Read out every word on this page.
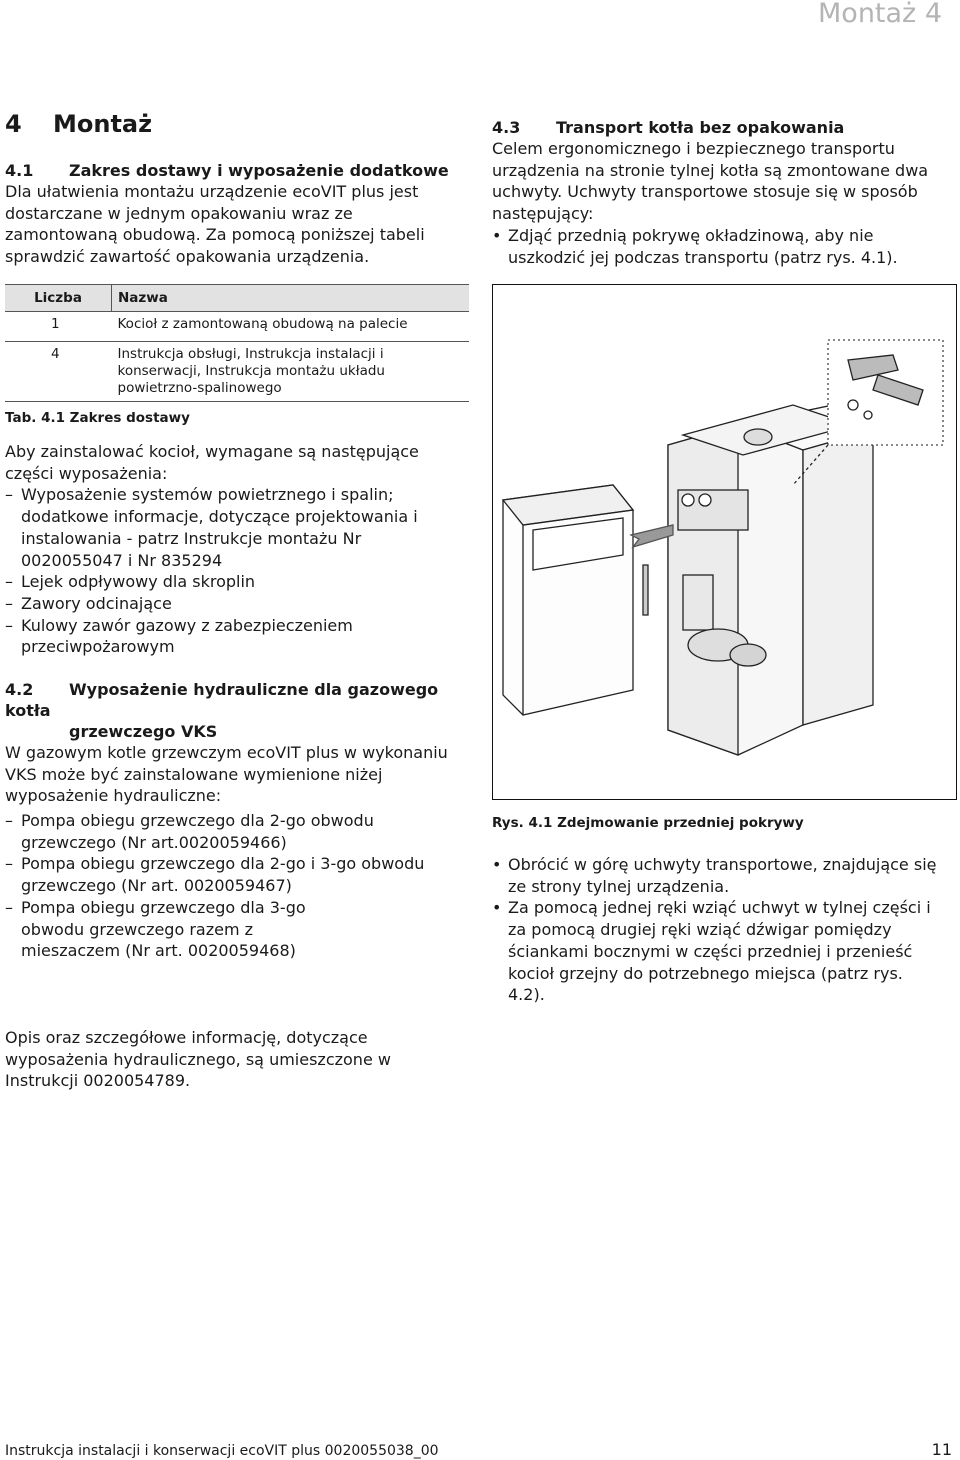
Montaż 4
4 Montaż
4.1 Zakres dostawy i wyposażenie dodatkowe
Dla ułatwienia montażu urządzenie ecoVIT plus jest
dostarczane w jednym opakowaniu wraz ze
zamontowaną obudową. Za pomocą poniższej tabeli
sprawdzić zawartość opakowania urządzenia.
Liczba	Nazwa
1	Kocioł z zamontowaną obudową na palecie
4	Instrukcja obsługi, Instrukcja instalacji i konserwacji, Instrukcja montażu układu powietrzno-spalinowego
Tab. 4.1 Zakres dostawy
Aby zainstalować kocioł, wymagane są następujące
części wyposażenia:
– Wyposażenie systemów powietrznego i spalin; dodatkowe informacje, dotyczące projektowania i instalowania - patrz Instrukcje montażu Nr 0020055047 i Nr 835294
– Lejek odpływowy dla skroplin
– Zawory odcinające
– Kulowy zawór gazowy z zabezpieczeniem przeciwpożarowym
4.2 Wyposażenie hydrauliczne dla gazowego kotła
grzewczego VKS
W gazowym kotle grzewczym ecoVIT plus w wykonaniu
VKS może być zainstalowane wymienione niżej
wyposażenie hydrauliczne:
– Pompa obiegu grzewczego dla 2-go obwodu grzewczego (Nr art.0020059466)
– Pompa obiegu grzewczego dla 2-go i 3-go obwodu grzewczego (Nr art. 0020059467)
– Pompa obiegu grzewczego dla 3-go obwodu grzewczego razem z mieszaczem (Nr art. 0020059468)
Opis oraz szczegółowe informację, dotyczące
wyposażenia hydraulicznego, są umieszczone w
Instrukcji 0020054789.
4.3 Transport kotła bez opakowania
Celem ergonomicznego i bezpiecznego transportu
urządzenia na stronie tylnej kotła są zmontowane dwa
uchwyty. Uchwyty transportowe stosuje się w sposób
następujący:
• Zdjąć przednią pokrywę okładzinową, aby nie uszkodzić jej podczas transportu (patrz rys. 4.1).
Rys. 4.1 Zdejmowanie przedniej pokrywy
• Obrócić w górę uchwyty transportowe, znajdujące się ze strony tylnej urządzenia.
• Za pomocą jednej ręki wziąć uchwyt w tylnej części i za pomocą drugiej ręki wziąć dźwigar pomiędzy ściankami bocznymi w części przedniej i przenieść kocioł grzejny do potrzebnego miejsca (patrz rys. 4.2).
Instrukcja instalacji i konserwacji ecoVIT plus 0020055038_00	11
